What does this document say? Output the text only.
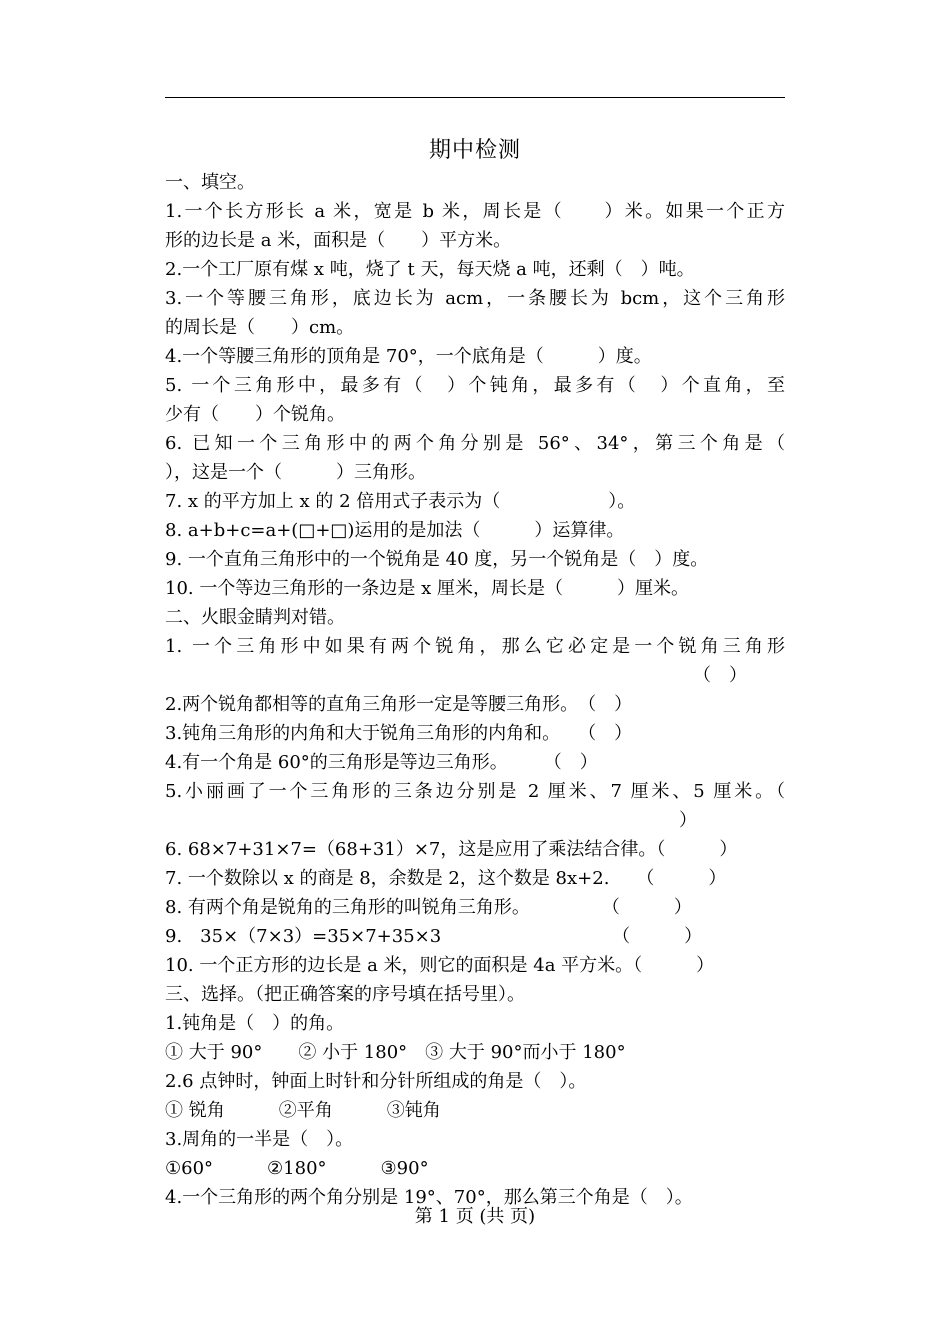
期中检测
一、填空。
1.一个长方形长 a 米，宽是 b 米，周长是（　　）米。如果一个正方
形的边长是 a 米，面积是（　　）平方米。
2.一个工厂原有煤 x 吨，烧了 t 天，每天烧 a 吨，还剩（　）吨。
3.一个等腰三角形，底边长为 acm，一条腰长为 bcm，这个三角形
的周长是（　　）cm。
4.一个等腰三角形的顶角是 70°，一个底角是（　　　）度。
5. 一个三角形中，最多有（　）个钝角，最多有（　）个直角，至
少有（　　）个锐角。
6. 已知一个三角形中的两个角分别是 56°、34°，第三个角是（
），这是一个（　　　）三角形。
7. x 的平方加上 x 的 2 倍用式子表示为（　　　　　　）。
8. a+b+c=a+(□+□)运用的是加法（　　　）运算律。
9. 一个直角三角形中的一个锐角是 40 度，另一个锐角是（　）度。
10. 一个等边三角形的一条边是 x 厘米，周长是（　　　）厘米。
二、火眼金睛判对错。
1. 一个三角形中如果有两个锐角，那么它必定是一个锐角三角形
（　）
2.两个锐角都相等的直角三角形一定是等腰三角形。　（　）
3.钝角三角形的内角和大于锐角三角形的内角和。　　（　）
4.有一个角是 60°的三角形是等边三角形。　　　（　）
5.小丽画了一个三角形的三条边分别是 2 厘米、7 厘米、5 厘米。（
）
6. 68×7+31×7=（68+31）×7，这是应用了乘法结合律。（　　　）
7. 一个数除以 x 的商是 8，余数是 2，这个数是 8x+2.　　（　　　）
8. 有两个角是锐角的三角形的叫锐角三角形。　　　　　（　　　）
9.　35×（7×3）=35×7+35×3　　　　　　　　　　（　　　）
10. 一个正方形的边长是 a 米，则它的面积是 4a 平方米。（　　　）
三、选择。（把正确答案的序号填在括号里）。
1.钝角是（　）的角。
① 大于 90°　　② 小于 180°　③ 大于 90°而小于 180°
2.6 点钟时，钟面上时针和分针所组成的角是（　）。
① 锐角　　　②平角　　　③钝角
3.周角的一半是（　）。
①60°　　　②180°　　　③90°
4.一个三角形的两个角分别是 19°、70°，那么第三个角是（　）。
第 1 页 (共 页)
